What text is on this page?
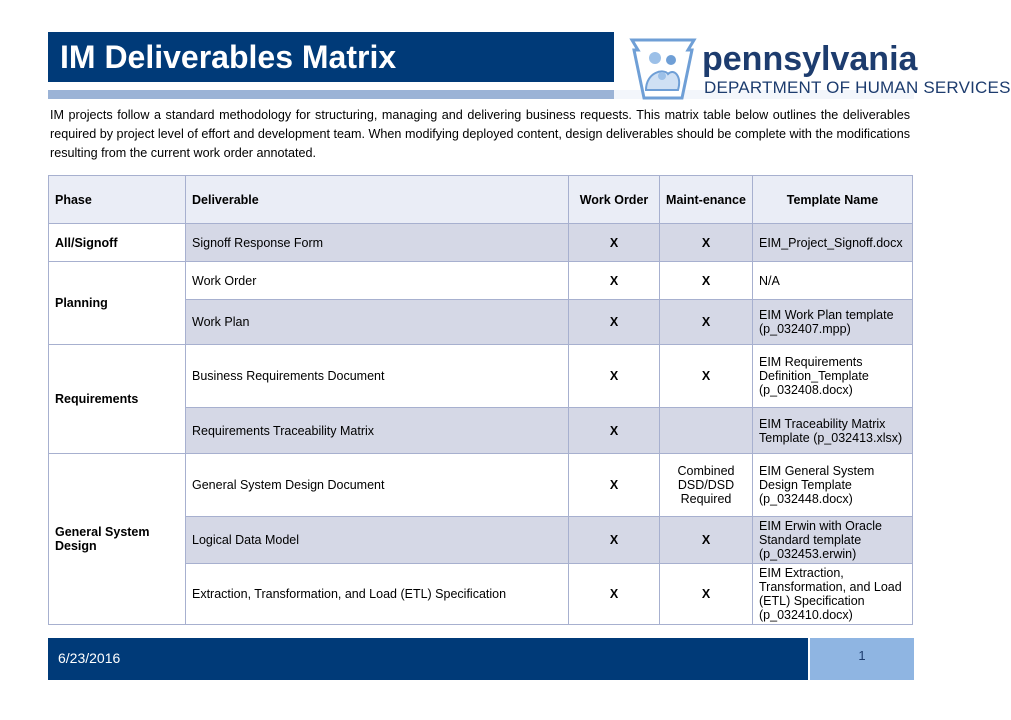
IM Deliverables Matrix	pennsylvania
DEPARTMENT OF HUMAN SERVICES
IM projects follow a standard methodology for structuring, managing and delivering business requests. This matrix table below outlines the deliverables required by project level of effort and development team. When modifying deployed content, design deliverables should be complete with the modifications resulting from the current work order annotated.
Phase	Deliverable	Work Order	Maint-enance	Template Name
All/Signoff	Signoff Response Form	X	X	EIM_Project_Signoff.docx
Planning	Work Order	X	X	N/A
	Work Plan	X	X	EIM Work Plan template (p_032407.mpp)
Requirements	Business Requirements Document	X	X	EIM Requirements Definition_Template (p_032408.docx)
	Requirements Traceability Matrix	X		EIM Traceability Matrix Template (p_032413.xlsx)
General System Design	General System Design Document	X	Combined DSD/DSD Required	EIM General System Design Template (p_032448.docx)
	Logical Data Model	X	X	EIM Erwin with Oracle Standard template (p_032453.erwin)
	Extraction, Transformation, and Load (ETL) Specification	X	X	EIM Extraction, Transformation, and Load (ETL) Specification (p_032410.docx)
6/23/2016	1
